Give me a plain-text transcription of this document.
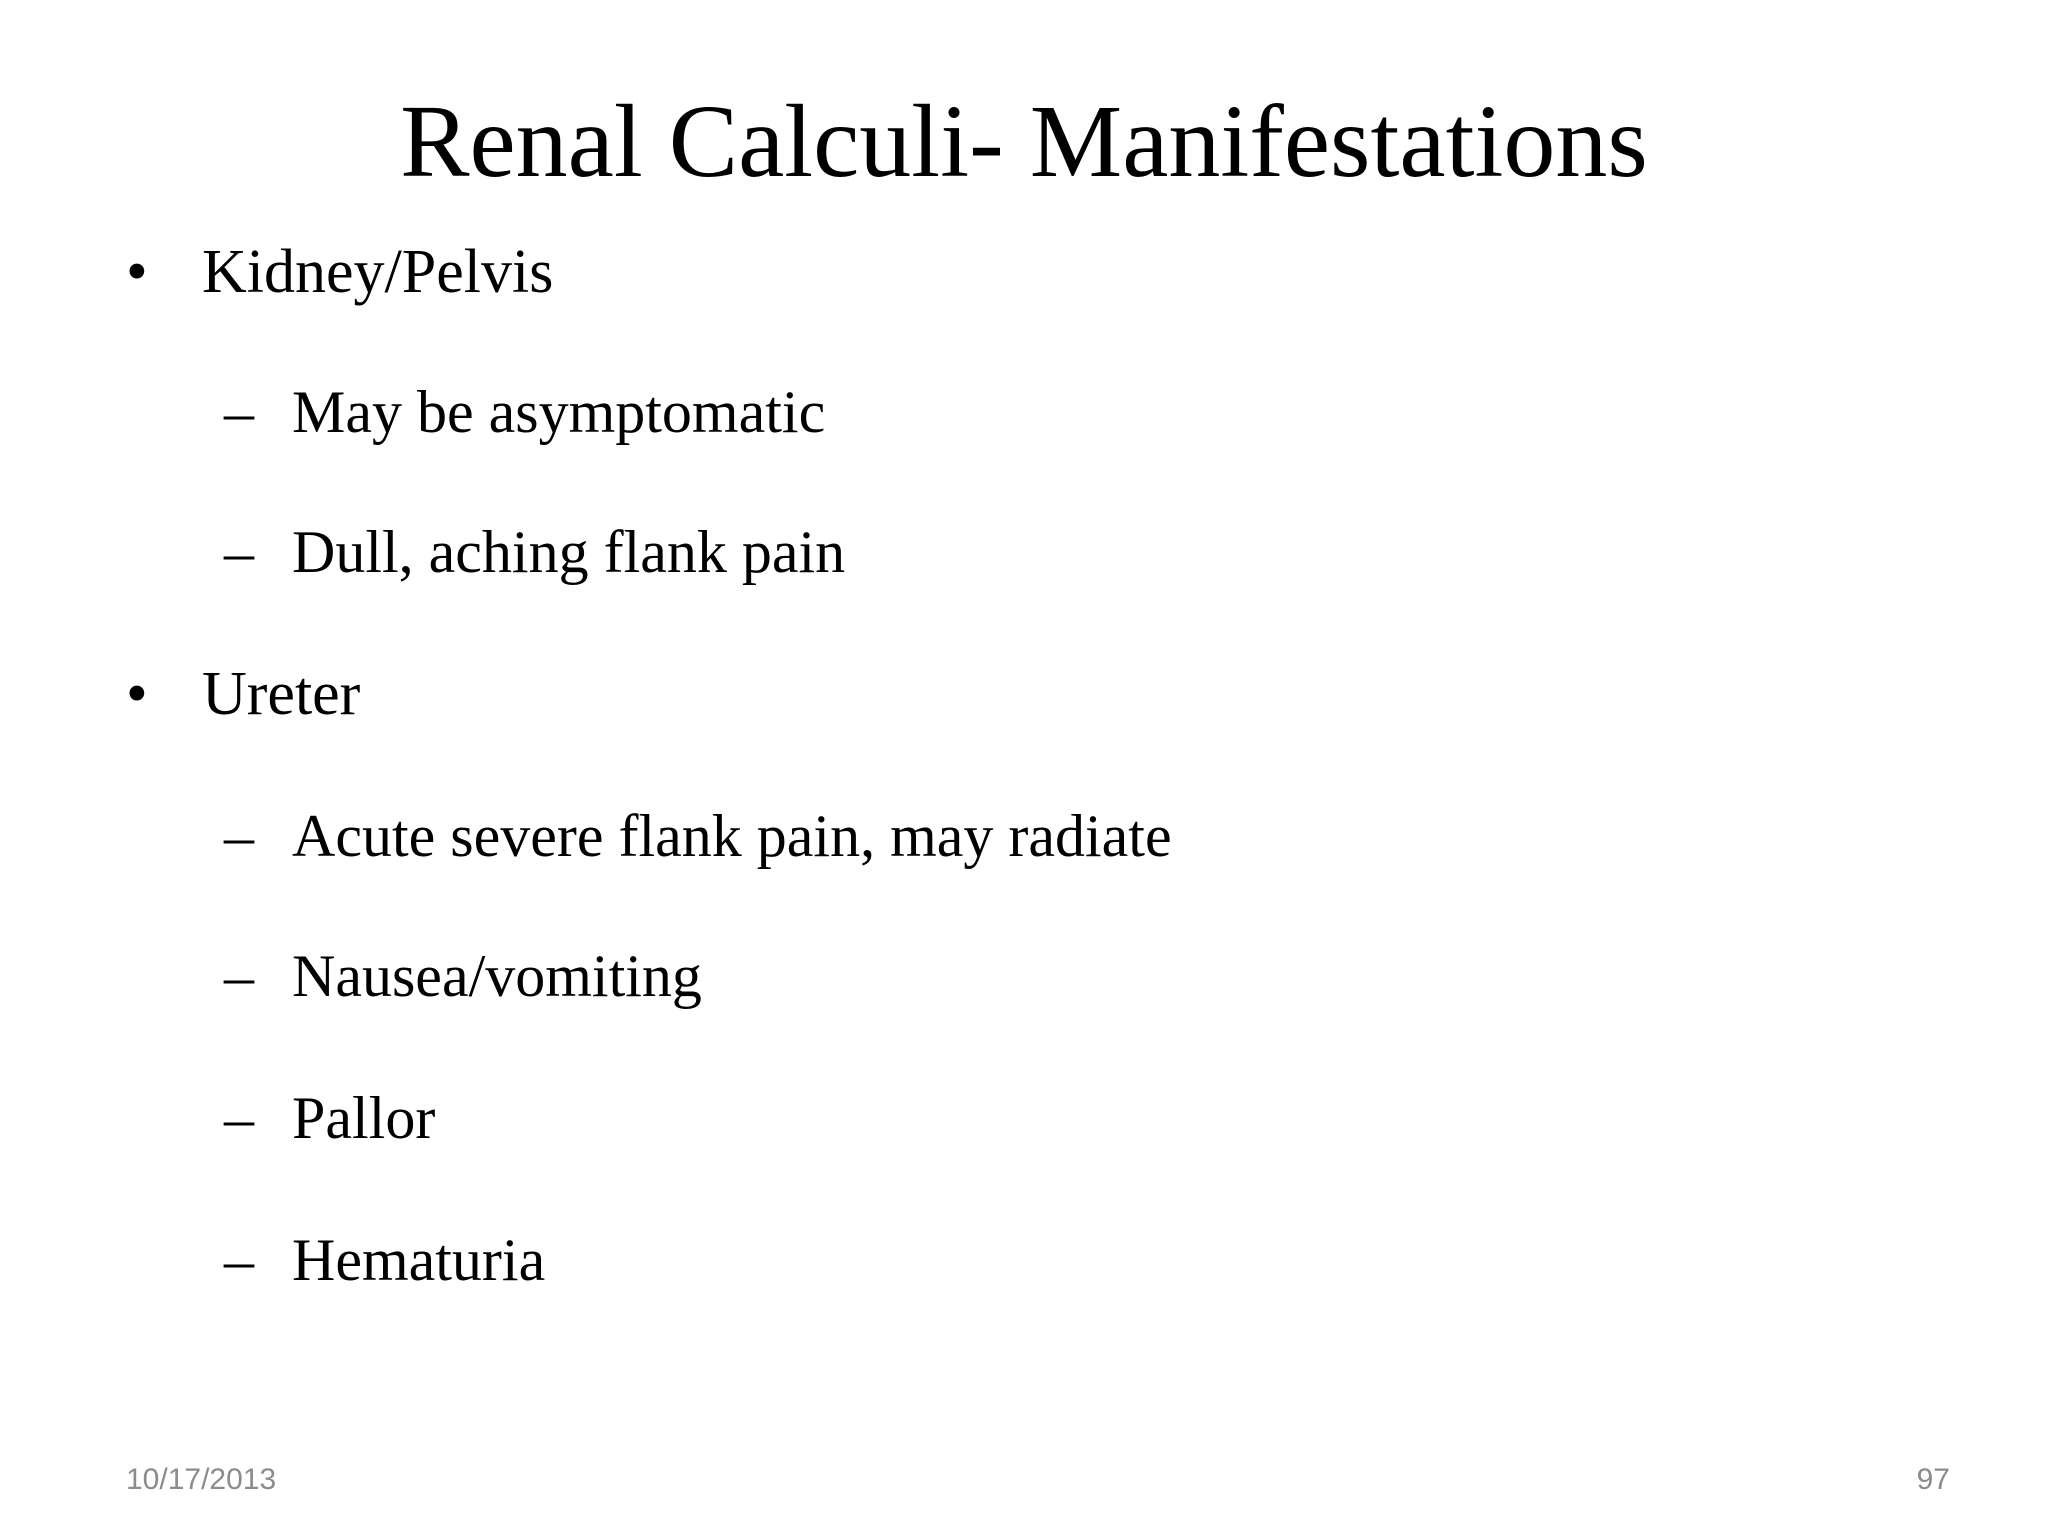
Renal Calculi- Manifestations
• Kidney/Pelvis
– May be asymptomatic
– Dull, aching flank pain
• Ureter
– Acute severe flank pain, may radiate
– Nausea/vomiting
– Pallor
– Hematuria
10/17/2013	97
